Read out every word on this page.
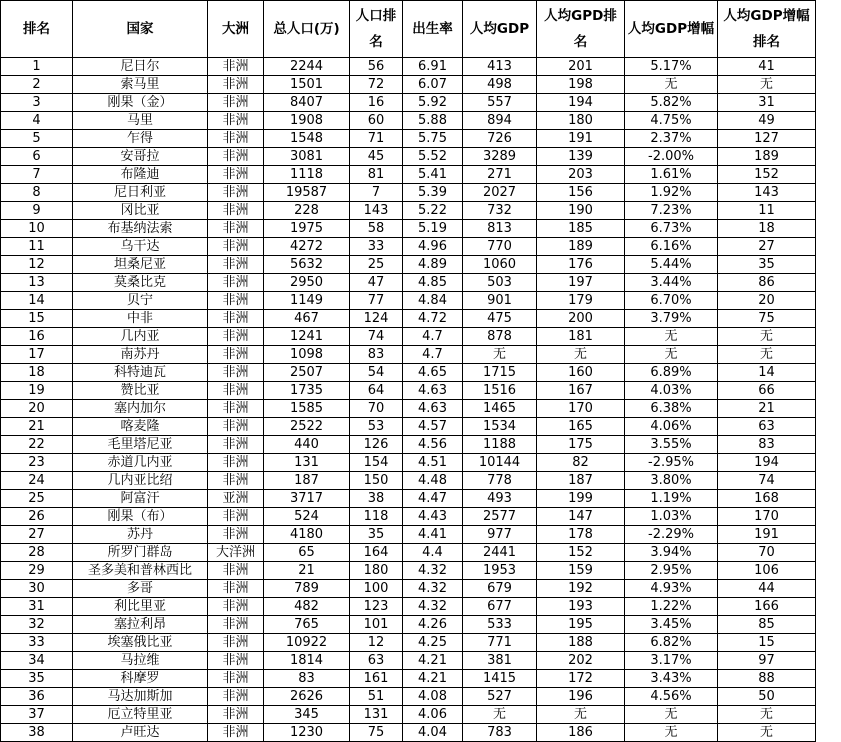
排名	国家	大洲	总人口(万)	人口排名	出生率	人均GDP	人均GPD排名	人均GDP增幅	人均GDP增幅排名
1	尼日尔	非洲	2244	56	6.91	413	201	5.17%	41
2	索马里	非洲	1501	72	6.07	498	198	无	无
3	刚果（金）	非洲	8407	16	5.92	557	194	5.82%	31
4	马里	非洲	1908	60	5.88	894	180	4.75%	49
5	乍得	非洲	1548	71	5.75	726	191	2.37%	127
6	安哥拉	非洲	3081	45	5.52	3289	139	-2.00%	189
7	布隆迪	非洲	1118	81	5.41	271	203	1.61%	152
8	尼日利亚	非洲	19587	7	5.39	2027	156	1.92%	143
9	冈比亚	非洲	228	143	5.22	732	190	7.23%	11
10	布基纳法索	非洲	1975	58	5.19	813	185	6.73%	18
11	乌干达	非洲	4272	33	4.96	770	189	6.16%	27
12	坦桑尼亚	非洲	5632	25	4.89	1060	176	5.44%	35
13	莫桑比克	非洲	2950	47	4.85	503	197	3.44%	86
14	贝宁	非洲	1149	77	4.84	901	179	6.70%	20
15	中非	非洲	467	124	4.72	475	200	3.79%	75
16	几内亚	非洲	1241	74	4.7	878	181	无	无
17	南苏丹	非洲	1098	83	4.7	无	无	无	无
18	科特迪瓦	非洲	2507	54	4.65	1715	160	6.89%	14
19	赞比亚	非洲	1735	64	4.63	1516	167	4.03%	66
20	塞内加尔	非洲	1585	70	4.63	1465	170	6.38%	21
21	喀麦隆	非洲	2522	53	4.57	1534	165	4.06%	63
22	毛里塔尼亚	非洲	440	126	4.56	1188	175	3.55%	83
23	赤道几内亚	非洲	131	154	4.51	10144	82	-2.95%	194
24	几内亚比绍	非洲	187	150	4.48	778	187	3.80%	74
25	阿富汗	亚洲	3717	38	4.47	493	199	1.19%	168
26	刚果（布）	非洲	524	118	4.43	2577	147	1.03%	170
27	苏丹	非洲	4180	35	4.41	977	178	-2.29%	191
28	所罗门群岛	大洋洲	65	164	4.4	2441	152	3.94%	70
29	圣多美和普林西比	非洲	21	180	4.32	1953	159	2.95%	106
30	多哥	非洲	789	100	4.32	679	192	4.93%	44
31	利比里亚	非洲	482	123	4.32	677	193	1.22%	166
32	塞拉利昂	非洲	765	101	4.26	533	195	3.45%	85
33	埃塞俄比亚	非洲	10922	12	4.25	771	188	6.82%	15
34	马拉维	非洲	1814	63	4.21	381	202	3.17%	97
35	科摩罗	非洲	83	161	4.21	1415	172	3.43%	88
36	马达加斯加	非洲	2626	51	4.08	527	196	4.56%	50
37	厄立特里亚	非洲	345	131	4.06	无	无	无	无
38	卢旺达	非洲	1230	75	4.04	783	186	无	无
